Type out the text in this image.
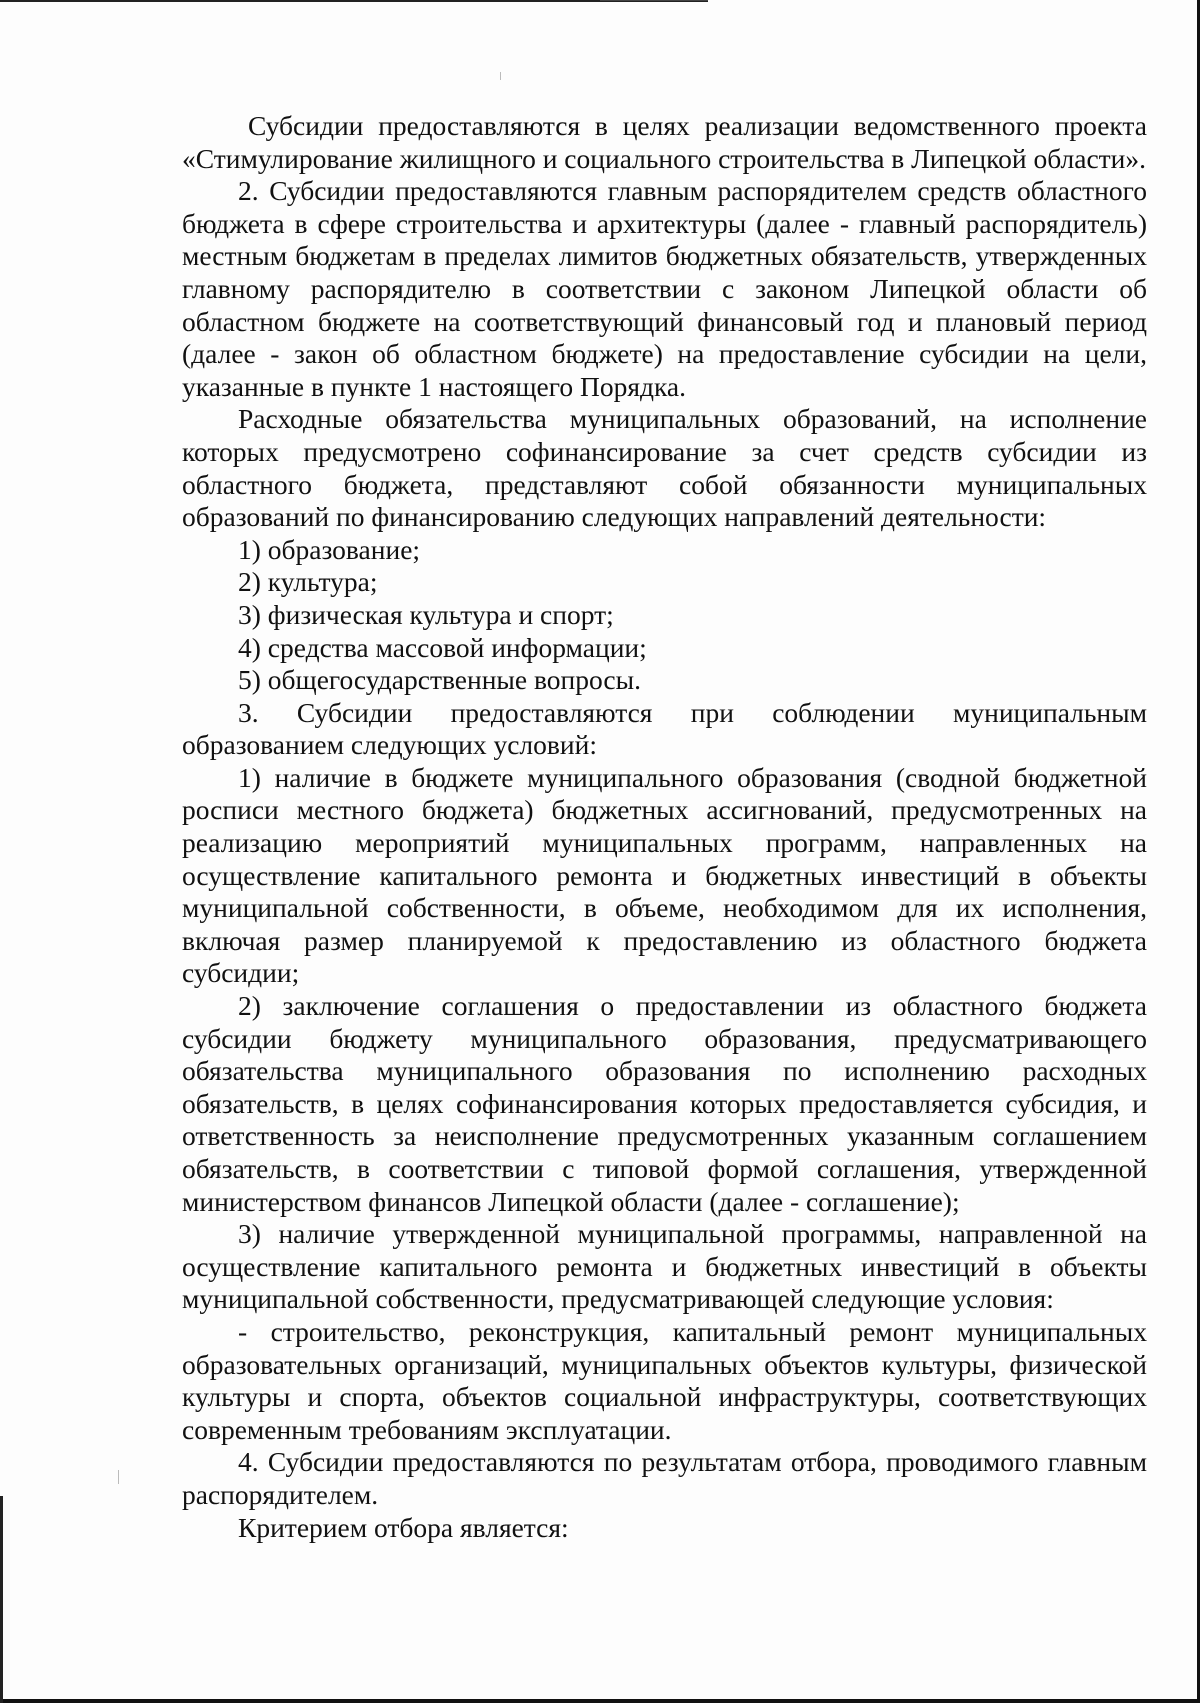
Субсидии предоставляются в целях реализации ведомственного проекта «Стимулирование жилищного и социального строительства в Липецкой области».

2. Субсидии предоставляются главным распорядителем средств областного бюджета в сфере строительства и архитектуры (далее - главный распорядитель) местным бюджетам в пределах лимитов бюджетных обязательств, утвержденных главному распорядителю в соответствии с законом Липецкой области об областном бюджете на соответствующий финансовый год и плановый период (далее - закон об областном бюджете) на предоставление субсидии на цели, указанные в пункте 1 настоящего Порядка.

Расходные обязательства муниципальных образований, на исполнение которых предусмотрено софинансирование за счет средств субсидии из областного бюджета, представляют собой обязанности муниципальных образований по финансированию следующих направлений деятельности:

1) образование;

2) культура;

3) физическая культура и спорт;

4) средства массовой информации;

5) общегосударственные вопросы.

3. Субсидии предоставляются при соблюдении муниципальным образованием следующих условий:

1) наличие в бюджете муниципального образования (сводной бюджетной росписи местного бюджета) бюджетных ассигнований, предусмотренных на реализацию мероприятий муниципальных программ, направленных на осуществление капитального ремонта и бюджетных инвестиций в объекты муниципальной собственности, в объеме, необходимом для их исполнения, включая размер планируемой к предоставлению из областного бюджета субсидии;

2) заключение соглашения о предоставлении из областного бюджета субсидии бюджету муниципального образования, предусматривающего обязательства муниципального образования по исполнению расходных обязательств, в целях софинансирования которых предоставляется субсидия, и ответственность за неисполнение предусмотренных указанным соглашением обязательств, в соответствии с типовой формой соглашения, утвержденной министерством финансов Липецкой области (далее - соглашение);

3) наличие утвержденной муниципальной программы, направленной на осуществление капитального ремонта и бюджетных инвестиций в объекты муниципальной собственности, предусматривающей следующие условия:

- строительство, реконструкция, капитальный ремонт муниципальных образовательных организаций, муниципальных объектов культуры, физической культуры и спорта, объектов социальной инфраструктуры, соответствующих современным требованиям эксплуатации.

4. Субсидии предоставляются по результатам отбора, проводимого главным распорядителем.

Критерием отбора является:
